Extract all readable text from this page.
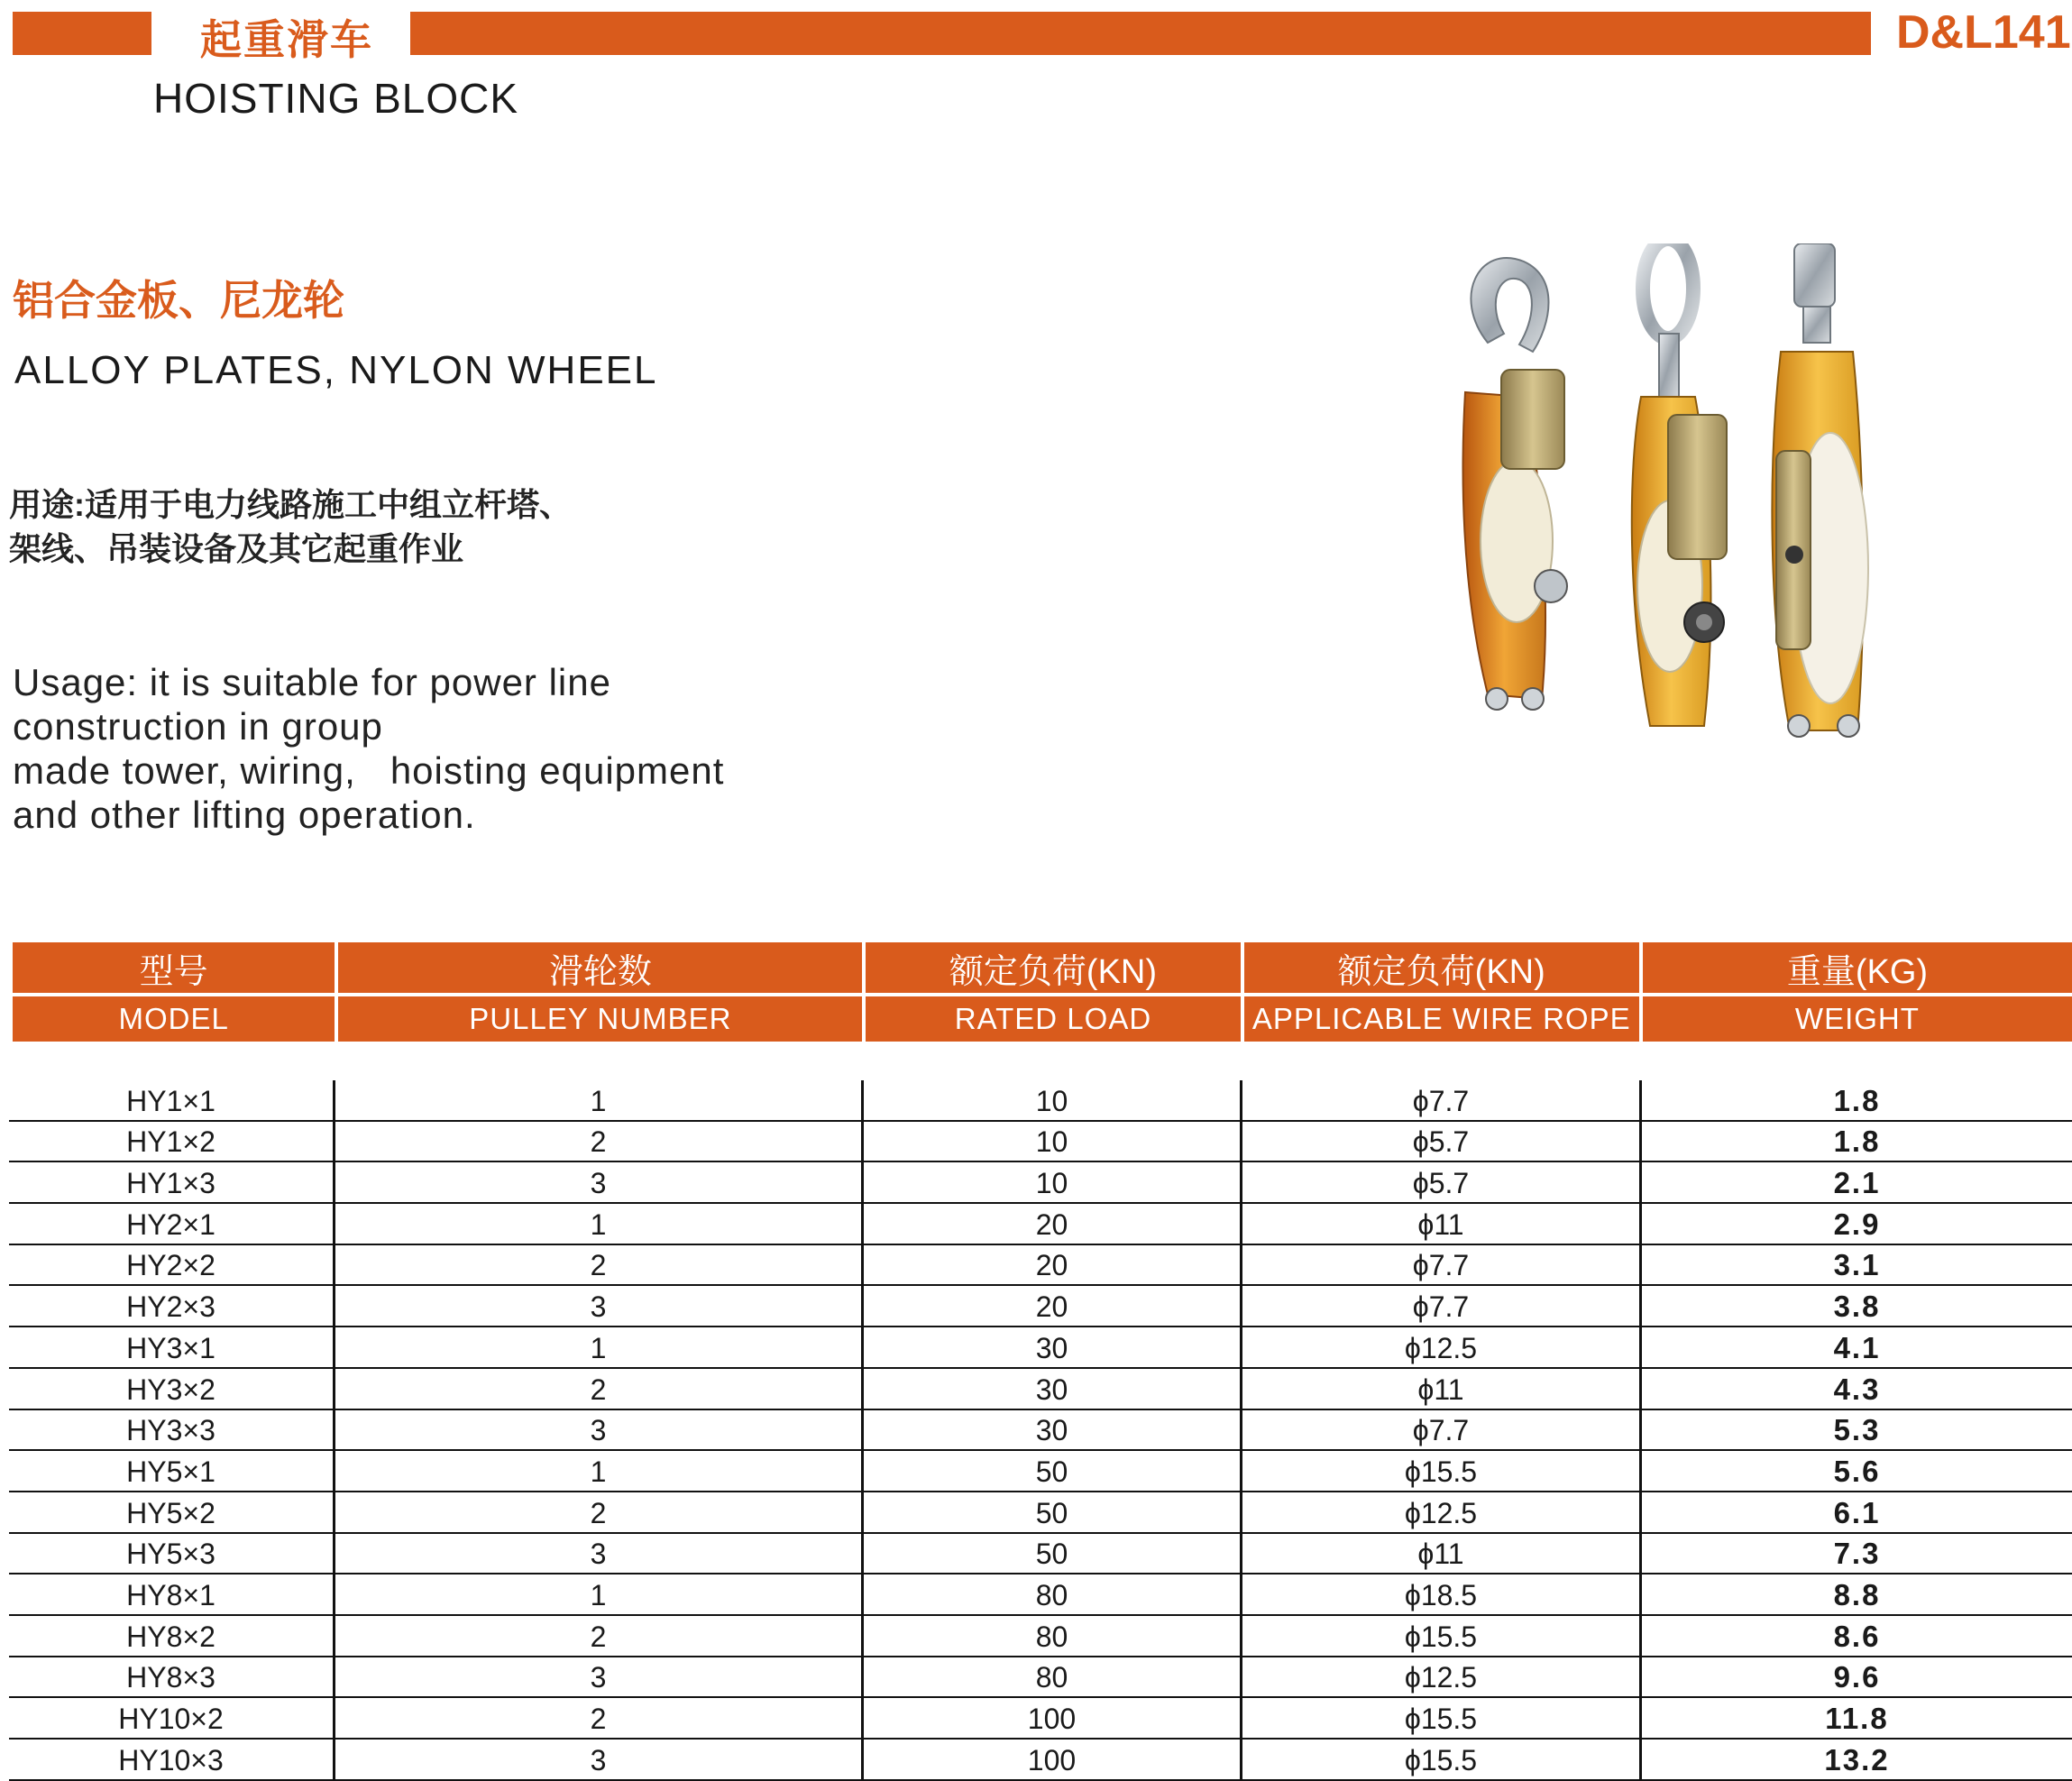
起重滑车	D&L141
HOISTING BLOCK
铝合金板、尼龙轮
ALLOY PLATES, NYLON WHEEL
用途:适用于电力线路施工中组立杆塔、
架线、吊装设备及其它起重作业
Usage: it is suitable for power line
construction in group
made tower, wiring,   hoisting equipment
and other lifting operation.
型号	滑轮数	额定负荷(KN)	额定负荷(KN)	重量(KG)
MODEL	PULLEY NUMBER	RATED LOAD	APPLICABLE WIRE ROPE	WEIGHT
HY1×1	1	10	ϕ7.7	1.8
HY1×2	2	10	ϕ5.7	1.8
HY1×3	3	10	ϕ5.7	2.1
HY2×1	1	20	ϕ11	2.9
HY2×2	2	20	ϕ7.7	3.1
HY2×3	3	20	ϕ7.7	3.8
HY3×1	1	30	ϕ12.5	4.1
HY3×2	2	30	ϕ11	4.3
HY3×3	3	30	ϕ7.7	5.3
HY5×1	1	50	ϕ15.5	5.6
HY5×2	2	50	ϕ12.5	6.1
HY5×3	3	50	ϕ11	7.3
HY8×1	1	80	ϕ18.5	8.8
HY8×2	2	80	ϕ15.5	8.6
HY8×3	3	80	ϕ12.5	9.6
HY10×2	2	100	ϕ15.5	11.8
HY10×3	3	100	ϕ15.5	13.2
